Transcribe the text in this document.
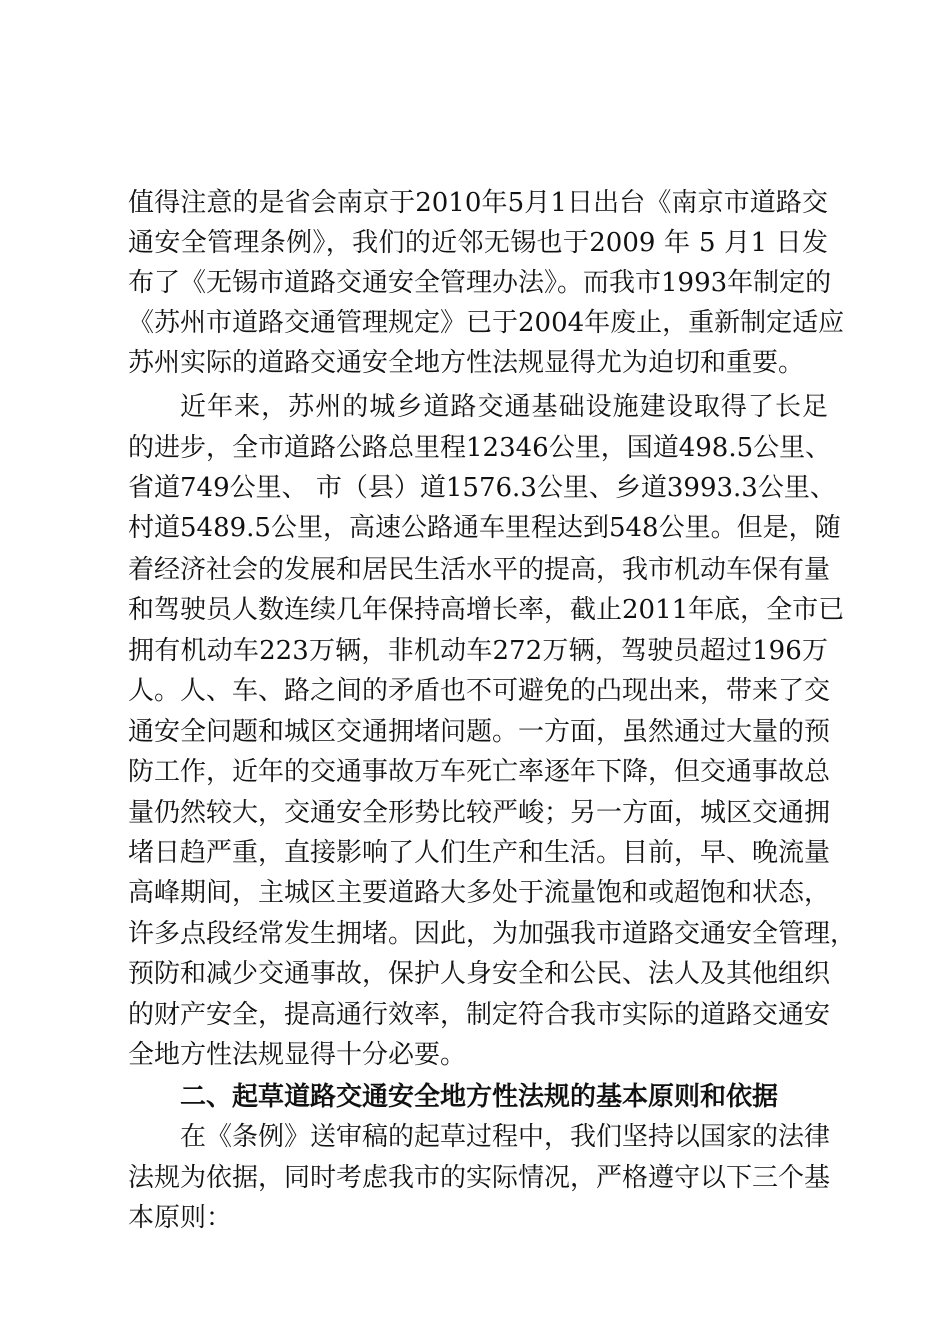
值得注意的是省会南京于2010年5月1日出台《南京市道路交
通安全管理条例》，我们的近邻无锡也于2009 年 5 月1 日发
布了《无锡市道路交通安全管理办法》。而我市1993年制定的
《苏州市道路交通管理规定》已于2004年废止，重新制定适应
苏州实际的道路交通安全地方性法规显得尤为迫切和重要。
近年来，苏州的城乡道路交通基础设施建设取得了长足
的进步，全市道路公路总里程12346公里，国道498.5公里、
省道749公里、 市（县）道1576.3公里、乡道3993.3公里、
村道5489.5公里，高速公路通车里程达到548公里。但是，随
着经济社会的发展和居民生活水平的提高，我市机动车保有量
和驾驶员人数连续几年保持高增长率，截止2011年底，全市已
拥有机动车223万辆，非机动车272万辆，驾驶员超过196万
人。人、车、路之间的矛盾也不可避免的凸现出来，带来了交
通安全问题和城区交通拥堵问题。一方面，虽然通过大量的预
防工作，近年的交通事故万车死亡率逐年下降，但交通事故总
量仍然较大，交通安全形势比较严峻；另一方面，城区交通拥
堵日趋严重，直接影响了人们生产和生活。目前，早、晚流量
高峰期间，主城区主要道路大多处于流量饱和或超饱和状态，
许多点段经常发生拥堵。因此，为加强我市道路交通安全管理，
预防和减少交通事故，保护人身安全和公民、法人及其他组织
的财产安全，提高通行效率，制定符合我市实际的道路交通安
全地方性法规显得十分必要。
二、起草道路交通安全地方性法规的基本原则和依据
在《条例》送审稿的起草过程中，我们坚持以国家的法律
法规为依据，同时考虑我市的实际情况，严格遵守以下三个基
本原则：
